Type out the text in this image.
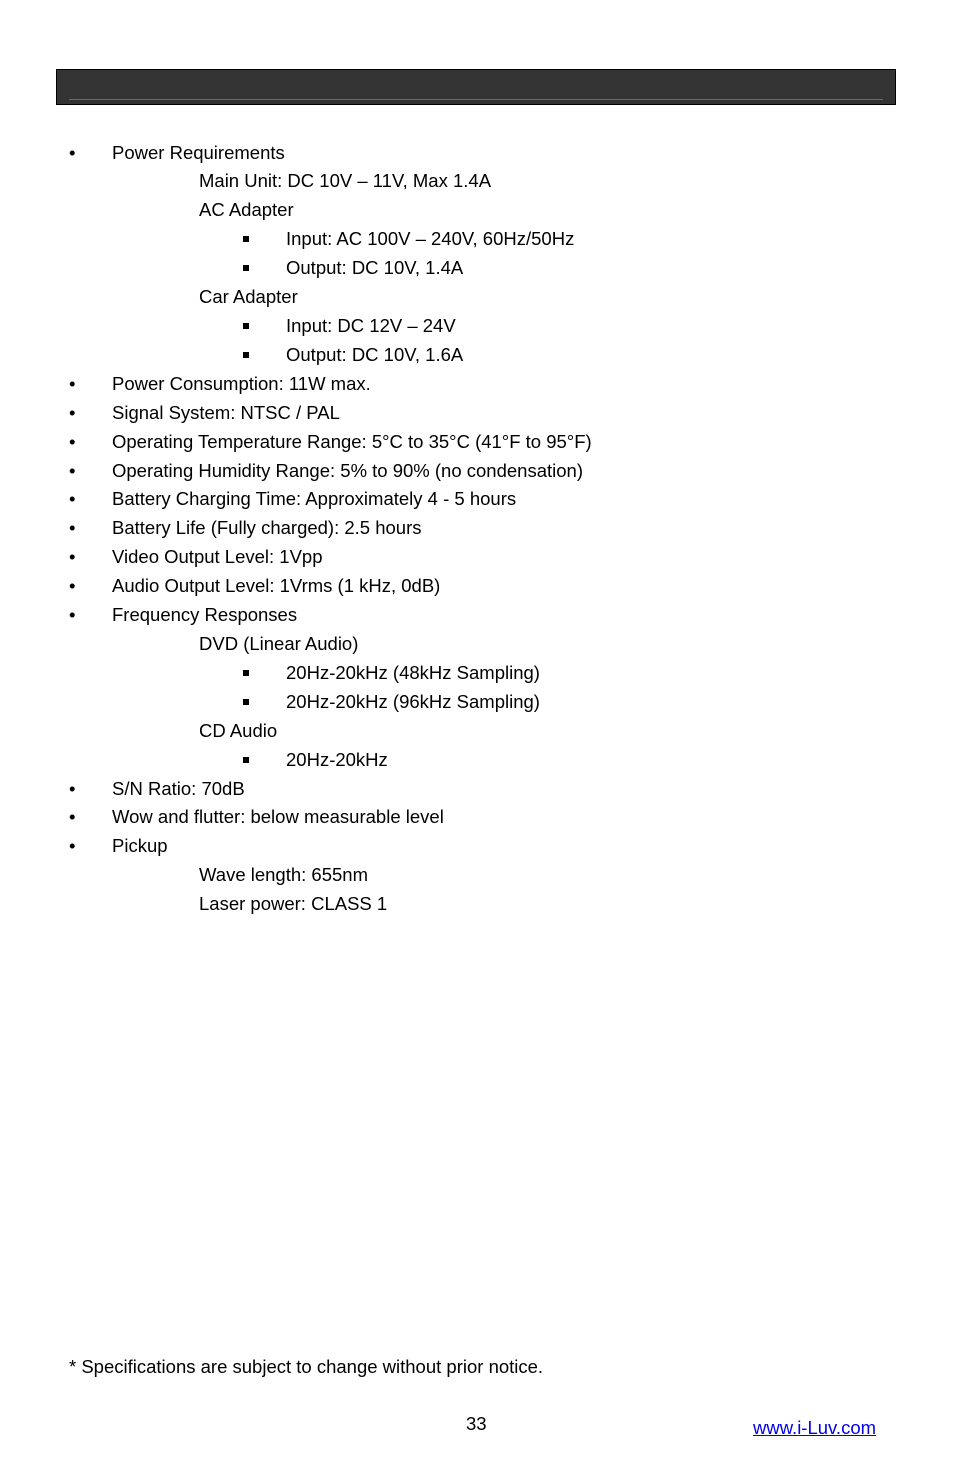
• Power Requirements
Main Unit: DC 10V – 11V, Max 1.4A
AC Adapter
Input: AC 100V – 240V, 60Hz/50Hz
Output: DC 10V, 1.4A
Car Adapter
Input: DC 12V – 24V
Output: DC 10V, 1.6A
• Power Consumption: 11W max.
• Signal System: NTSC / PAL
• Operating Temperature Range: 5°C to 35°C (41°F to 95°F)
• Operating Humidity Range: 5% to 90% (no condensation)
• Battery Charging Time: Approximately 4 - 5 hours
• Battery Life (Fully charged): 2.5 hours
• Video Output Level: 1Vpp
• Audio Output Level: 1Vrms (1 kHz, 0dB)
• Frequency Responses
DVD (Linear Audio)
20Hz-20kHz (48kHz Sampling)
20Hz-20kHz (96kHz Sampling)
CD Audio
20Hz-20kHz
• S/N Ratio: 70dB
• Wow and flutter: below measurable level
• Pickup
Wave length: 655nm
Laser power: CLASS 1
* Specifications are subject to change without prior notice.
33	www.i-Luv.com
